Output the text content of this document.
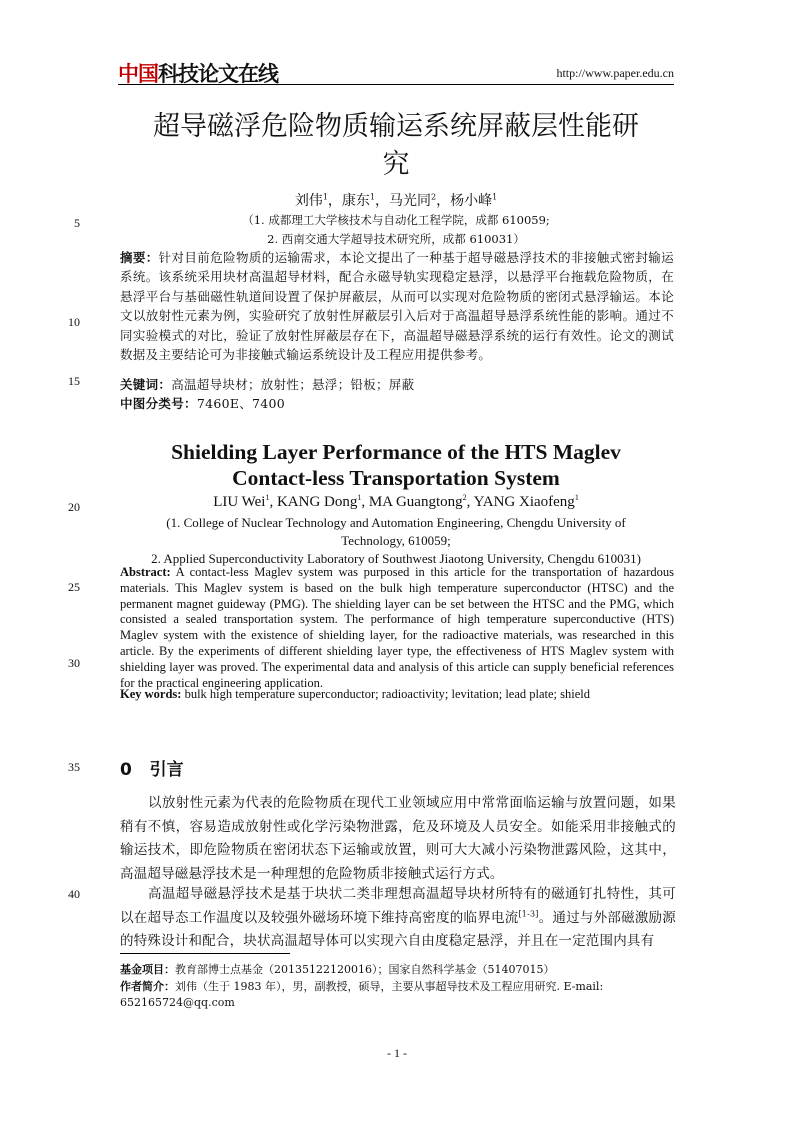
中国科技论文在线	http://www.paper.edu.cn
5
10
15
20
25
30
35
40
超导磁浮危险物质输运系统屏蔽层性能研
究
刘伟$^1$，康东$^1$，马光同$^2$，杨小峰$^1$
（1. 成都理工大学核技术与自动化工程学院，成都 610059;
2. 西南交通大学超导技术研究所，成都 610031）
摘要：针对目前危险物质的运输需求，本论文提出了一种基于超导磁悬浮技术的非接触式密封输运系统。该系统采用块材高温超导材料，配合永磁导轨实现稳定悬浮，以悬浮平台拖载危险物质，在悬浮平台与基础磁性轨道间设置了保护屏蔽层，从而可以实现对危险物质的密闭式悬浮输运。本论文以放射性元素为例，实验研究了放射性屏蔽层引入后对于高温超导悬浮系统性能的影响。通过不同实验模式的对比，验证了放射性屏蔽层存在下，高温超导磁悬浮系统的运行有效性。论文的测试数据及主要结论可为非接触式输运系统设计及工程应用提供参考。
关键词：高温超导块材；放射性；悬浮；铅板；屏蔽
中图分类号：7460E、7400
Shielding Layer Performance of the HTS Maglev
Contact-less Transportation System
LIU Wei$^1$, KANG Dong$^1$, MA Guangtong$^2$, YANG Xiaofeng$^1$
(1. College of Nuclear Technology and Automation Engineering, Chengdu University of
Technology, 610059;
2. Applied Superconductivity Laboratory of Southwest Jiaotong University, Chengdu 610031)
Abstract: A contact-less Maglev system was purposed in this article for the transportation of hazardous materials. This Maglev system is based on the bulk high temperature superconductor (HTSC) and the permanent magnet guideway (PMG). The shielding layer can be set between the HTSC and the PMG, which consisted a sealed transportation system. The performance of high temperature superconductive (HTS) Maglev system with the existence of shielding layer, for the radioactive materials, was researched in this article. By the experiments of different shielding layer type, the effectiveness of HTS Maglev system with shielding layer was proved. The experimental data and analysis of this article can supply beneficial references for the practical engineering application.
Key words: bulk high temperature superconductor; radioactivity; levitation; lead plate; shield
0 引言
以放射性元素为代表的危险物质在现代工业领域应用中常常面临运输与放置问题，如果稍有不慎，容易造成放射性或化学污染物泄露，危及环境及人员安全。如能采用非接触式的输运技术，即危险物质在密闭状态下运输或放置，则可大大减小污染物泄露风险，这其中，高温超导磁悬浮技术是一种理想的危险物质非接触式运行方式。
高温超导磁悬浮技术是基于块状二类非理想高温超导块材所特有的磁通钉扎特性，其可以在超导态工作温度以及较强外磁场环境下维持高密度的临界电流[1-3]。通过与外部磁激励源的特殊设计和配合，块状高温超导体可以实现六自由度稳定悬浮，并且在一定范围内具有
基金项目：教育部博士点基金（20135122120016）；国家自然科学基金（51407015）
作者简介：刘伟（生于 1983 年），男，副教授，硕导，主要从事超导技术及工程应用研究. E-mail: 652165724@qq.com
- 1 -
